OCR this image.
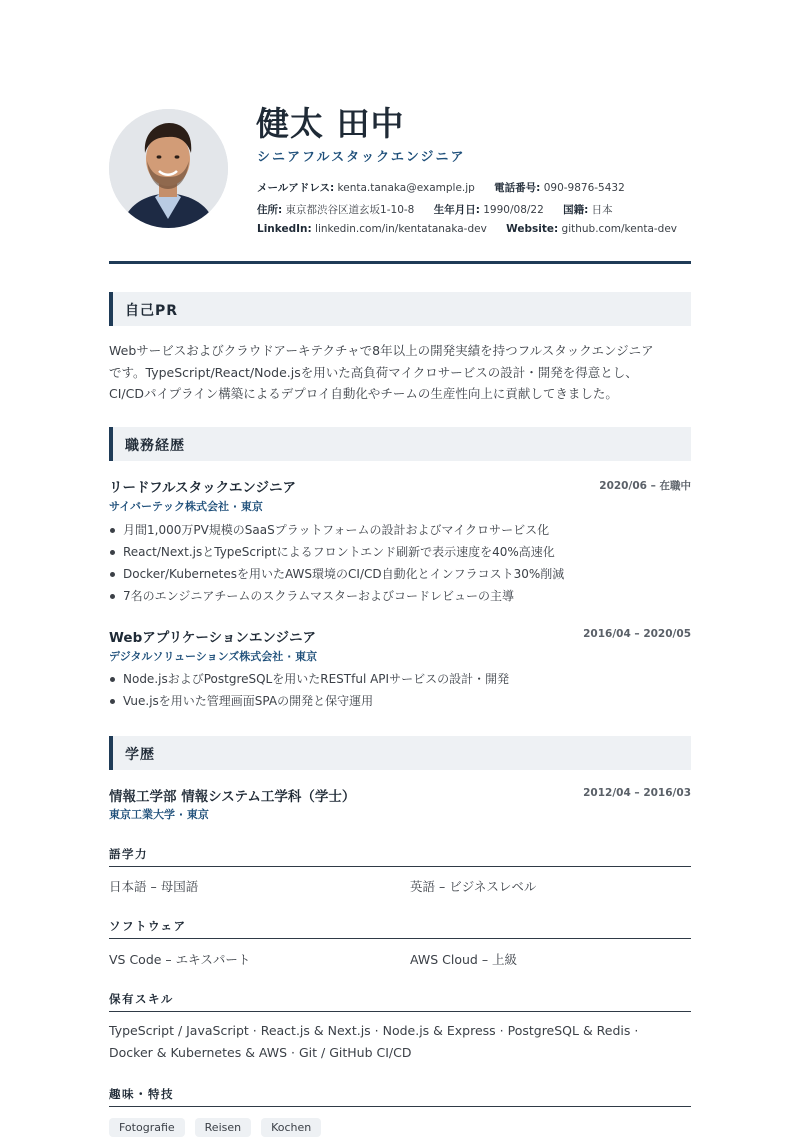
健太 田中
シニアフルスタックエンジニア
メールアドレス: kenta.tanaka@example.jp 電話番号: 090-9876-5432
住所: 東京都渋谷区道玄坂1-10-8 生年月日: 1990/08/22 国籍: 日本
LinkedIn: linkedin.com/in/kentatanaka-dev Website: github.com/kenta-dev
自己PR
Webサービスおよびクラウドアーキテクチャで8年以上の開発実績を持つフルスタックエンジニア
です。TypeScript/React/Node.jsを用いた高負荷マイクロサービスの設計・開発を得意とし、
CI/CDパイプライン構築によるデプロイ自動化やチームの生産性向上に貢献してきました。
職務経歴
リードフルスタックエンジニア	2020/06 – 在職中
サイバーテック株式会社 · 東京
月間1,000万PV規模のSaaSプラットフォームの設計およびマイクロサービス化
React/Next.jsとTypeScriptによるフロントエンド刷新で表示速度を40%高速化
Docker/Kubernetesを用いたAWS環境のCI/CD自動化とインフラコスト30%削減
7名のエンジニアチームのスクラムマスターおよびコードレビューの主導
Webアプリケーションエンジニア	2016/04 – 2020/05
デジタルソリューションズ株式会社 · 東京
Node.jsおよびPostgreSQLを用いたRESTful APIサービスの設計・開発
Vue.jsを用いた管理画面SPAの開発と保守運用
学歴
情報工学部 情報システム工学科（学士）	2012/04 – 2016/03
東京工業大学 · 東京
語学力
日本語 – 母国語	英語 – ビジネスレベル
ソフトウェア
VS Code – エキスパート	AWS Cloud – 上級
保有スキル
TypeScript / JavaScript · React.js & Next.js · Node.js & Express · PostgreSQL & Redis ·
Docker & Kubernetes & AWS · Git / GitHub CI/CD
趣味・特技
Fotografie	Reisen	Kochen
